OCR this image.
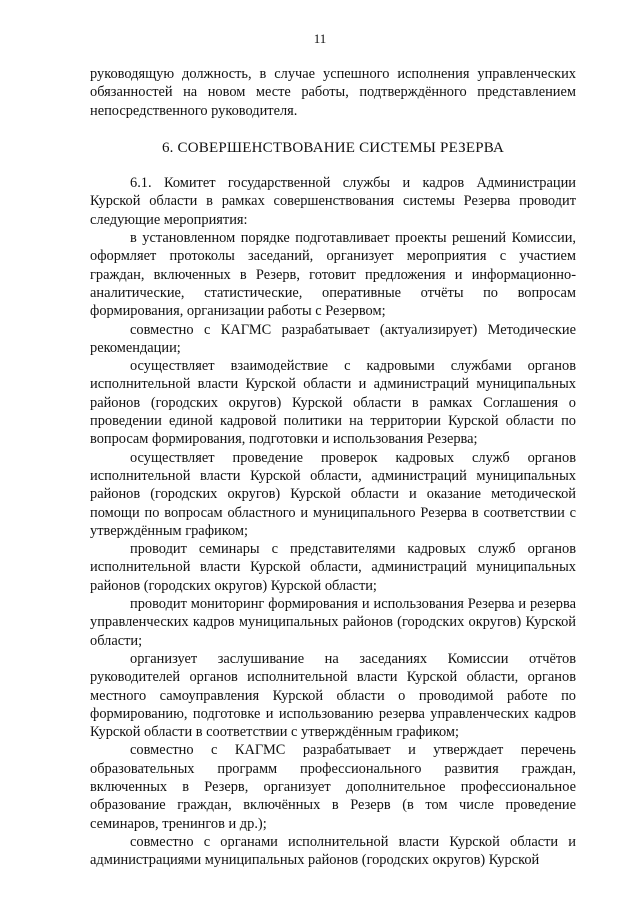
11

руководящую должность, в случае успешного исполнения управленческих обязанностей на новом месте работы, подтверждённого представлением непосредственного руководителя.

6. СОВЕРШЕНСТВОВАНИЕ СИСТЕМЫ РЕЗЕРВА

6.1. Комитет государственной службы и кадров Администрации Курской области в рамках совершенствования системы Резерва проводит следующие мероприятия:

в установленном порядке подготавливает проекты решений Комиссии, оформляет протоколы заседаний, организует мероприятия с участием граждан, включенных в Резерв, готовит предложения и информационно-аналитические, статистические, оперативные отчёты по вопросам формирования, организации работы с Резервом;

совместно с КАГМС разрабатывает (актуализирует) Методические рекомендации;

осуществляет взаимодействие с кадровыми службами органов исполнительной власти Курской области и администраций муниципальных районов (городских округов) Курской области в рамках Соглашения о проведении единой кадровой политики на территории Курской области по вопросам формирования, подготовки и использования Резерва;

осуществляет проведение проверок кадровых служб органов исполнительной власти Курской области, администраций муниципальных районов (городских округов) Курской области и оказание методической помощи по вопросам областного и муниципального Резерва в соответствии с утверждённым графиком;

проводит семинары с представителями кадровых служб органов исполнительной власти Курской области, администраций муниципальных районов (городских округов) Курской области;

проводит мониторинг формирования и использования Резерва и резерва управленческих кадров муниципальных районов (городских округов) Курской области;

организует заслушивание на заседаниях Комиссии отчётов руководителей органов исполнительной власти Курской области, органов местного самоуправления Курской области о проводимой работе по формированию, подготовке и использованию резерва управленческих кадров Курской области в соответствии с утверждённым графиком;

совместно с КАГМС разрабатывает и утверждает перечень образовательных программ профессионального развития граждан, включенных в Резерв, организует дополнительное профессиональное образование граждан, включённых в Резерв (в том числе проведение семинаров, тренингов и др.);

совместно с органами исполнительной власти Курской области и администрациями муниципальных районов (городских округов) Курской
